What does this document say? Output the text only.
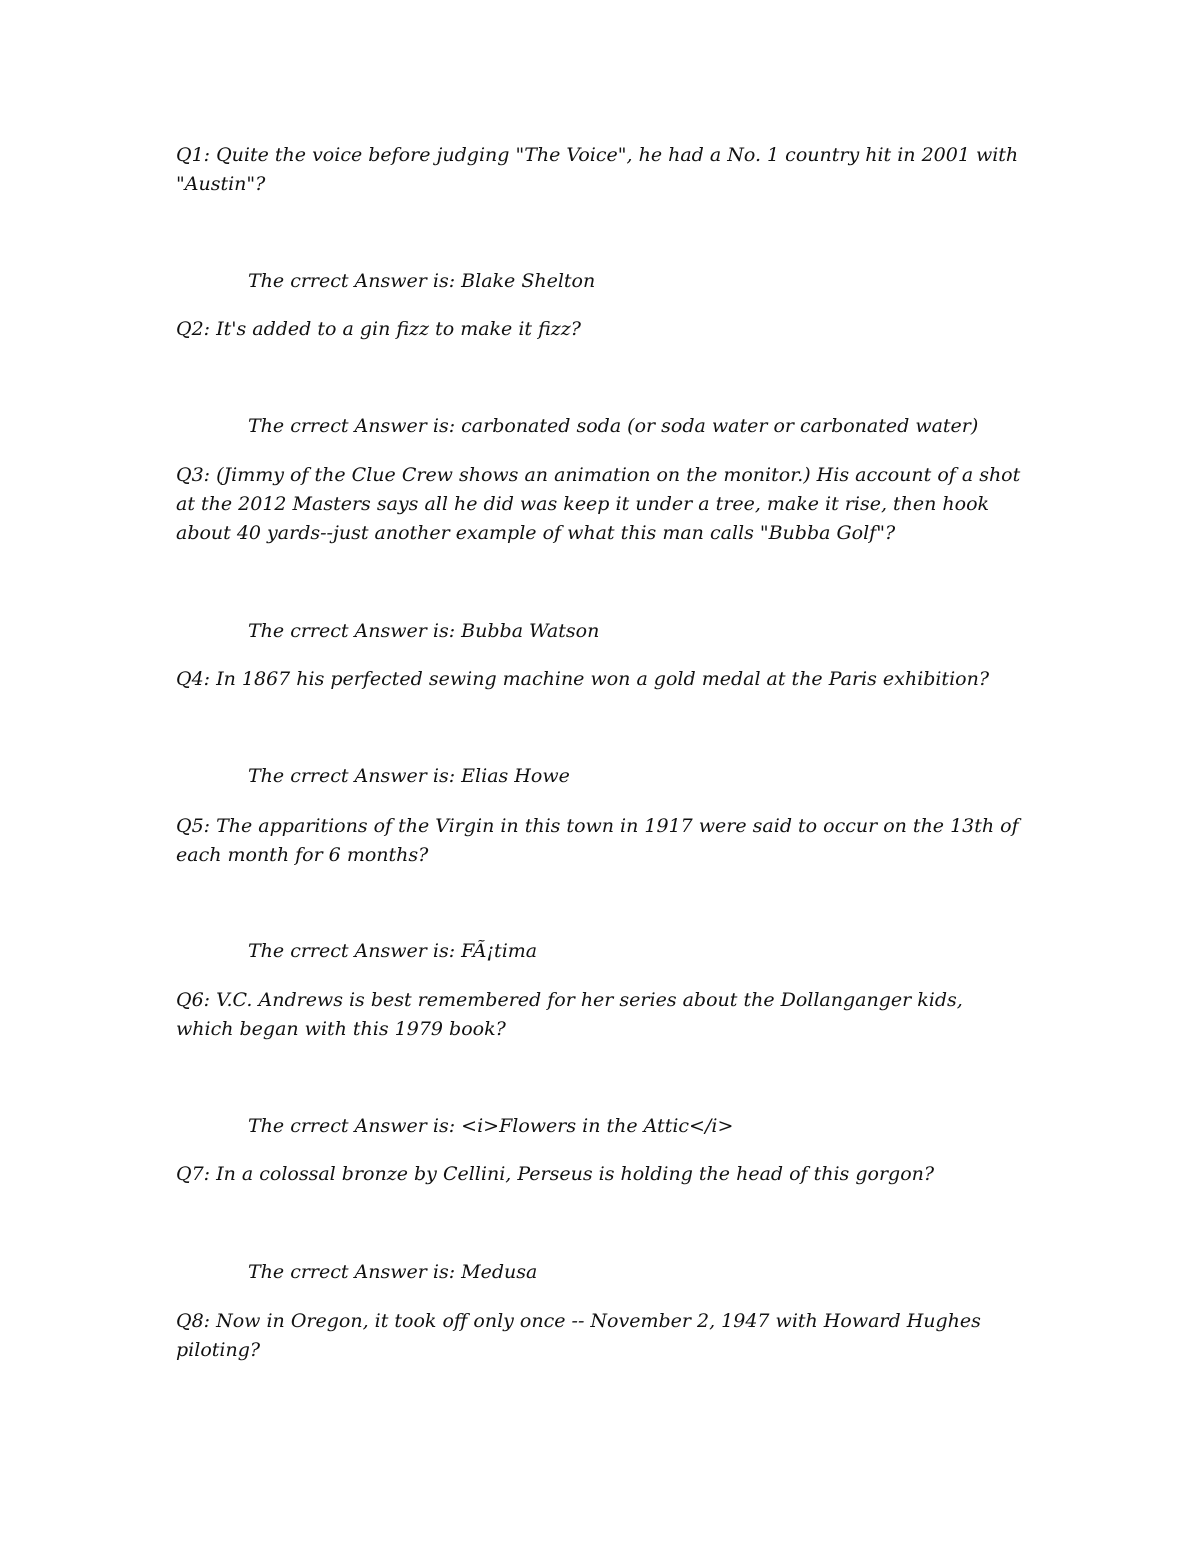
Q1: Quite the voice before judging "The Voice", he had a No. 1 country hit in 2001 with "Austin"?
The crrect Answer is: Blake Shelton
Q2: It's added to a gin fizz to make it fizz?
The crrect Answer is: carbonated soda (or soda water or carbonated water)
Q3: (Jimmy of the Clue Crew shows an animation on the monitor.) His account of a shot at the 2012 Masters says all he did was keep it under a tree, make it rise, then hook about 40 yards--just another example of what this man calls "Bubba Golf"?
The crrect Answer is: Bubba Watson
Q4: In 1867 his perfected sewing machine won a gold medal at the Paris exhibition?
The crrect Answer is: Elias Howe
Q5: The apparitions of the Virgin in this town in 1917 were said to occur on the 13th of each month for 6 months?
The crrect Answer is: FÃ¡tima
Q6: V.C. Andrews is best remembered for her series about the Dollanganger kids, which began with this 1979 book?
The crrect Answer is: <i>Flowers in the Attic</i>
Q7: In a colossal bronze by Cellini, Perseus is holding the head of this gorgon?
The crrect Answer is: Medusa
Q8: Now in Oregon, it took off only once -- November 2, 1947 with Howard Hughes piloting?
